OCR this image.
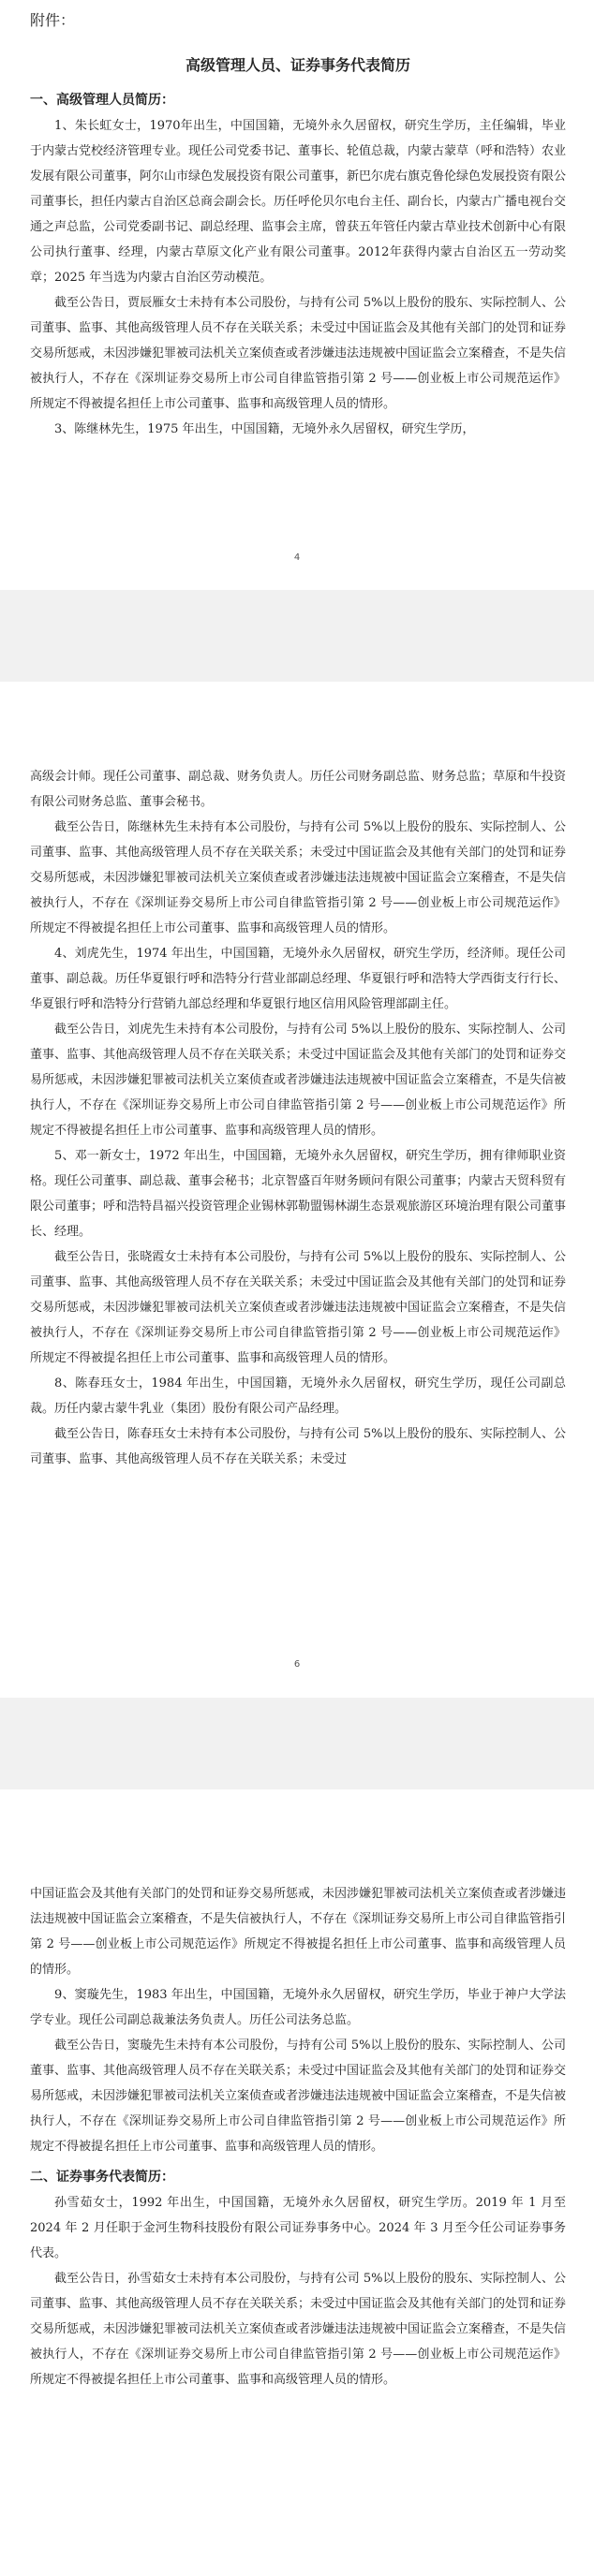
附件：
高级管理人员、证券事务代表简历
一、高级管理人员简历：

1、朱长虹女士，1970年出生，中国国籍，无境外永久居留权，研究生学历，主任编辑，毕业于内蒙古党校经济管理专业。现任公司党委书记、董事长、轮值总裁，内蒙古蒙草（呼和浩特）农业发展有限公司董事，阿尔山市绿色发展投资有限公司董事，新巴尔虎右旗克鲁伦绿色发展投资有限公司董事长，担任内蒙古自治区总商会副会长。历任呼伦贝尔电台主任、副台长，内蒙古广播电视台交通之声总监，公司党委副书记、副总经理、监事会主席，曾获五年管任内蒙古草业技术创新中心有限公司执行董事、经理，内蒙古草原文化产业有限公司董事。2012年获得内蒙古自治区五一劳动奖章；2025 年当选为内蒙古自治区劳动模范。

截至公告日，贾辰雁女士未持有本公司股份，与持有公司 5%以上股份的股东、实际控制人、公司董事、监事、其他高级管理人员不存在关联关系；未受过中国证监会及其他有关部门的处罚和证券交易所惩戒，未因涉嫌犯罪被司法机关立案侦查或者涉嫌违法违规被中国证监会立案稽查，不是失信被执行人，不存在《深圳证券交易所上市公司自律监管指引第 2 号——创业板上市公司规范运作》所规定不得被提名担任上市公司董事、监事和高级管理人员的情形。

3、陈继林先生，1975 年出生，中国国籍，无境外永久居留权，研究生学历，

4

高级会计师。现任公司董事、副总裁、财务负责人。历任公司财务副总监、财务总监；草原和牛投资有限公司财务总监、董事会秘书。

截至公告日，陈继林先生未持有本公司股份，与持有公司 5%以上股份的股东、实际控制人、公司董事、监事、其他高级管理人员不存在关联关系；未受过中国证监会及其他有关部门的处罚和证券交易所惩戒，未因涉嫌犯罪被司法机关立案侦查或者涉嫌违法违规被中国证监会立案稽查，不是失信被执行人，不存在《深圳证券交易所上市公司自律监管指引第 2 号——创业板上市公司规范运作》所规定不得被提名担任上市公司董事、监事和高级管理人员的情形。

4、刘虎先生，1974 年出生，中国国籍，无境外永久居留权，研究生学历，经济师。现任公司董事、副总裁。历任华夏银行呼和浩特分行营业部副总经理、华夏银行呼和浩特大学西街支行行长、华夏银行呼和浩特分行营销九部总经理和华夏银行地区信用风险管理部副主任。

截至公告日，刘虎先生未持有本公司股份，与持有公司 5%以上股份的股东、实际控制人、公司董事、监事、其他高级管理人员不存在关联关系；未受过中国证监会及其他有关部门的处罚和证券交易所惩戒，未因涉嫌犯罪被司法机关立案侦查或者涉嫌违法违规被中国证监会立案稽查，不是失信被执行人，不存在《深圳证券交易所上市公司自律监管指引第 2 号——创业板上市公司规范运作》所规定不得被提名担任上市公司董事、监事和高级管理人员的情形。

5、邓一新女士，1972 年出生，中国国籍，无境外永久居留权，研究生学历，拥有律师职业资格。现任公司董事、副总裁、董事会秘书；北京智盛百年财务顾问有限公司董事；内蒙古天贸科贸有限公司董事；呼和浩特昌福兴投资管理企业锡林郭勒盟锡林湖生态景观旅游区环境治理有限公司董事长、经理。

截至公告日，张晓霞女士未持有本公司股份，与持有公司 5%以上股份的股东、实际控制人、公司董事、监事、其他高级管理人员不存在关联关系；未受过中国证监会及其他有关部门的处罚和证券交易所惩戒，未因涉嫌犯罪被司法机关立案侦查或者涉嫌违法违规被中国证监会立案稽查，不是失信被执行人，不存在《深圳证券交易所上市公司自律监管指引第 2 号——创业板上市公司规范运作》所规定不得被提名担任上市公司董事、监事和高级管理人员的情形。

8、陈春珏女士，1984 年出生，中国国籍，无境外永久居留权，研究生学历，现任公司副总裁。历任内蒙古蒙牛乳业（集团）股份有限公司产品经理。

截至公告日，陈春珏女士未持有本公司股份，与持有公司 5%以上股份的股东、实际控制人、公司董事、监事、其他高级管理人员不存在关联关系；未受过

6

中国证监会及其他有关部门的处罚和证券交易所惩戒，未因涉嫌犯罪被司法机关立案侦查或者涉嫌违法违规被中国证监会立案稽查，不是失信被执行人，不存在《深圳证券交易所上市公司自律监管指引第 2 号——创业板上市公司规范运作》所规定不得被提名担任上市公司董事、监事和高级管理人员的情形。

9、窦璇先生，1983 年出生，中国国籍，无境外永久居留权，研究生学历，毕业于神户大学法学专业。现任公司副总裁兼法务负责人。历任公司法务总监。

截至公告日，窦璇先生未持有本公司股份，与持有公司 5%以上股份的股东、实际控制人、公司董事、监事、其他高级管理人员不存在关联关系；未受过中国证监会及其他有关部门的处罚和证券交易所惩戒，未因涉嫌犯罪被司法机关立案侦查或者涉嫌违法违规被中国证监会立案稽查，不是失信被执行人，不存在《深圳证券交易所上市公司自律监管指引第 2 号——创业板上市公司规范运作》所规定不得被提名担任上市公司董事、监事和高级管理人员的情形。

二、证券事务代表简历：

孙雪茹女士，1992 年出生，中国国籍，无境外永久居留权，研究生学历。2019 年 1 月至 2024 年 2 月任职于金河生物科技股份有限公司证券事务中心。2024 年 3 月至今任公司证券事务代表。

截至公告日，孙雪茹女士未持有本公司股份，与持有公司 5%以上股份的股东、实际控制人、公司董事、监事、其他高级管理人员不存在关联关系；未受过中国证监会及其他有关部门的处罚和证券交易所惩戒，未因涉嫌犯罪被司法机关立案侦查或者涉嫌违法违规被中国证监会立案稽查，不是失信被执行人，不存在《深圳证券交易所上市公司自律监管指引第 2 号——创业板上市公司规范运作》所规定不得被提名担任上市公司董事、监事和高级管理人员的情形。
